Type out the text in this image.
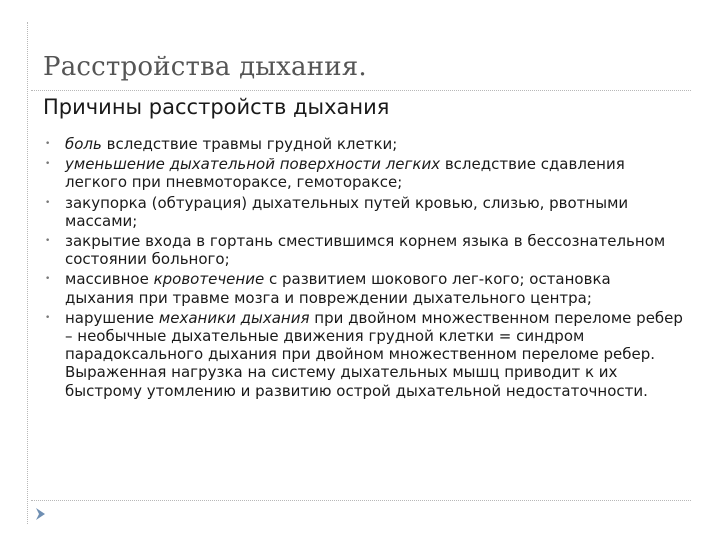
Расстройства дыхания.
Причины расстройств дыхания
• боль вследствие травмы грудной клетки;
• уменьшение дыхательной поверхности легких вследствие сдавления легкого при пневмотораксе, гемотораксе;
• закупорка (обтурация) дыхательных путей кровью, слизью, рвотными массами;
• закрытие входа в гортань сместившимся корнем языка в бессознательном состоянии больного;
• массивное кровотечение с развитием шокового лег-кого; остановка дыхания при травме мозга и повреждении дыхательного центра;
• нарушение механики дыхания при двойном множественном переломе ребер – необычные дыхательные движения грудной клетки = синдром парадоксального дыхания при двойном множественном переломе ребер. Выраженная нагрузка на систему дыхательных мышц приводит к их быстрому утомлению и развитию острой дыхательной недостаточности.
